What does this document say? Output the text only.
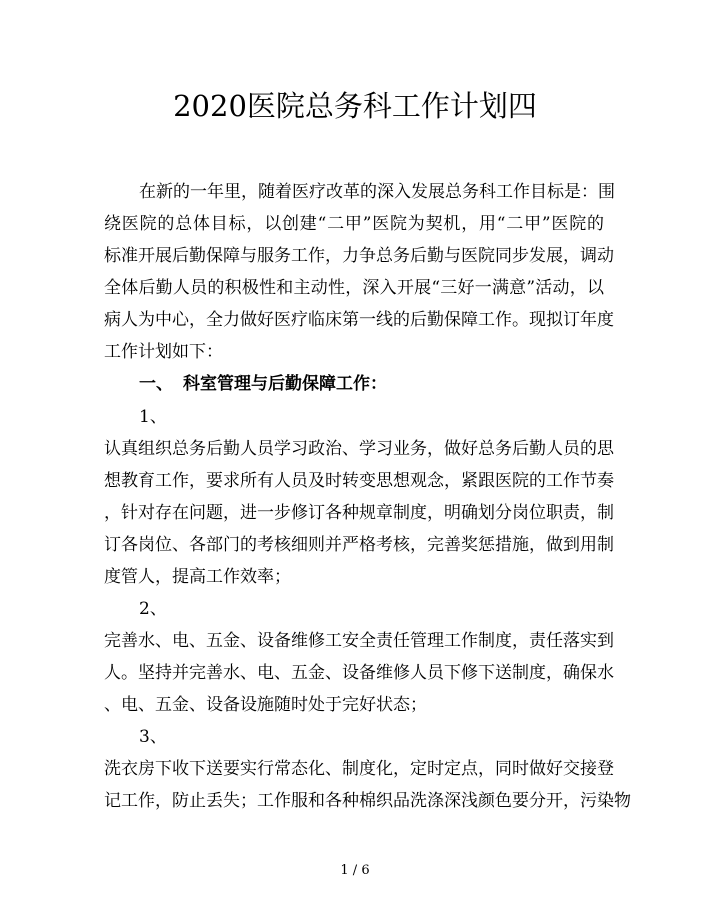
2020医院总务科工作计划四
在新的一年里，随着医疗改革的深入发展总务科工作目标是：围
绕医院的总体目标，以创建“二甲”医院为契机，用“二甲”医院的
标准开展后勤保障与服务工作，力争总务后勤与医院同步发展，调动
全体后勤人员的积极性和主动性，深入开展“三好一满意”活动，以
病人为中心，全力做好医疗临床第一线的后勤保障工作。现拟订年度
工作计划如下：
一、 科室管理与后勤保障工作：
1、
认真组织总务后勤人员学习政治、学习业务，做好总务后勤人员的思
想教育工作，要求所有人员及时转变思想观念，紧跟医院的工作节奏
，针对存在问题，进一步修订各种规章制度，明确划分岗位职责，制
订各岗位、各部门的考核细则并严格考核，完善奖惩措施，做到用制
度管人，提高工作效率；
2、
完善水、电、五金、设备维修工安全责任管理工作制度，责任落实到
人。坚持并完善水、电、五金、设备维修人员下修下送制度，确保水
、电、五金、设备设施随时处于完好状态；
3、
洗衣房下收下送要实行常态化、制度化，定时定点，同时做好交接登
记工作，防止丢失；工作服和各种棉织品洗涤深浅颜色要分开，污染物
1 / 6
